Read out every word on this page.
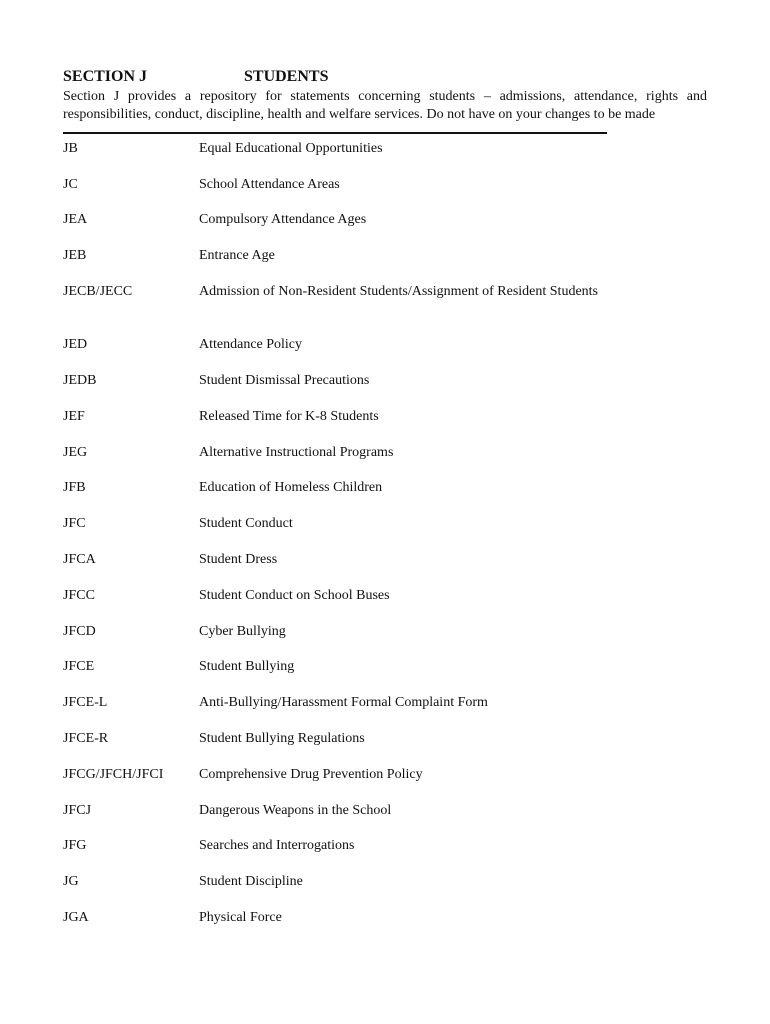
SECTION J	STUDENTS

Section J provides a repository for statements concerning students – admissions, attendance, rights and responsibilities, conduct, discipline, health and welfare services. Do not have on your changes to be made

JB	Equal Educational Opportunities
JC	School Attendance Areas
JEA	Compulsory Attendance Ages
JEB	Entrance Age
JECB/JECC	Admission of Non-Resident Students/Assignment of Resident Students
JED	Attendance Policy
JEDB	Student Dismissal Precautions
JEF	Released Time for K-8 Students
JEG	Alternative Instructional Programs
JFB	Education of Homeless Children
JFC	Student Conduct
JFCA	Student Dress
JFCC	Student Conduct on School Buses
JFCD	Cyber Bullying
JFCE	Student Bullying
JFCE-L	Anti-Bullying/Harassment Formal Complaint Form
JFCE-R	Student Bullying Regulations
JFCG/JFCH/JFCI	Comprehensive Drug Prevention Policy
JFCJ	Dangerous Weapons in the School
JFG	Searches and Interrogations
JG	Student Discipline
JGA	Physical Force
